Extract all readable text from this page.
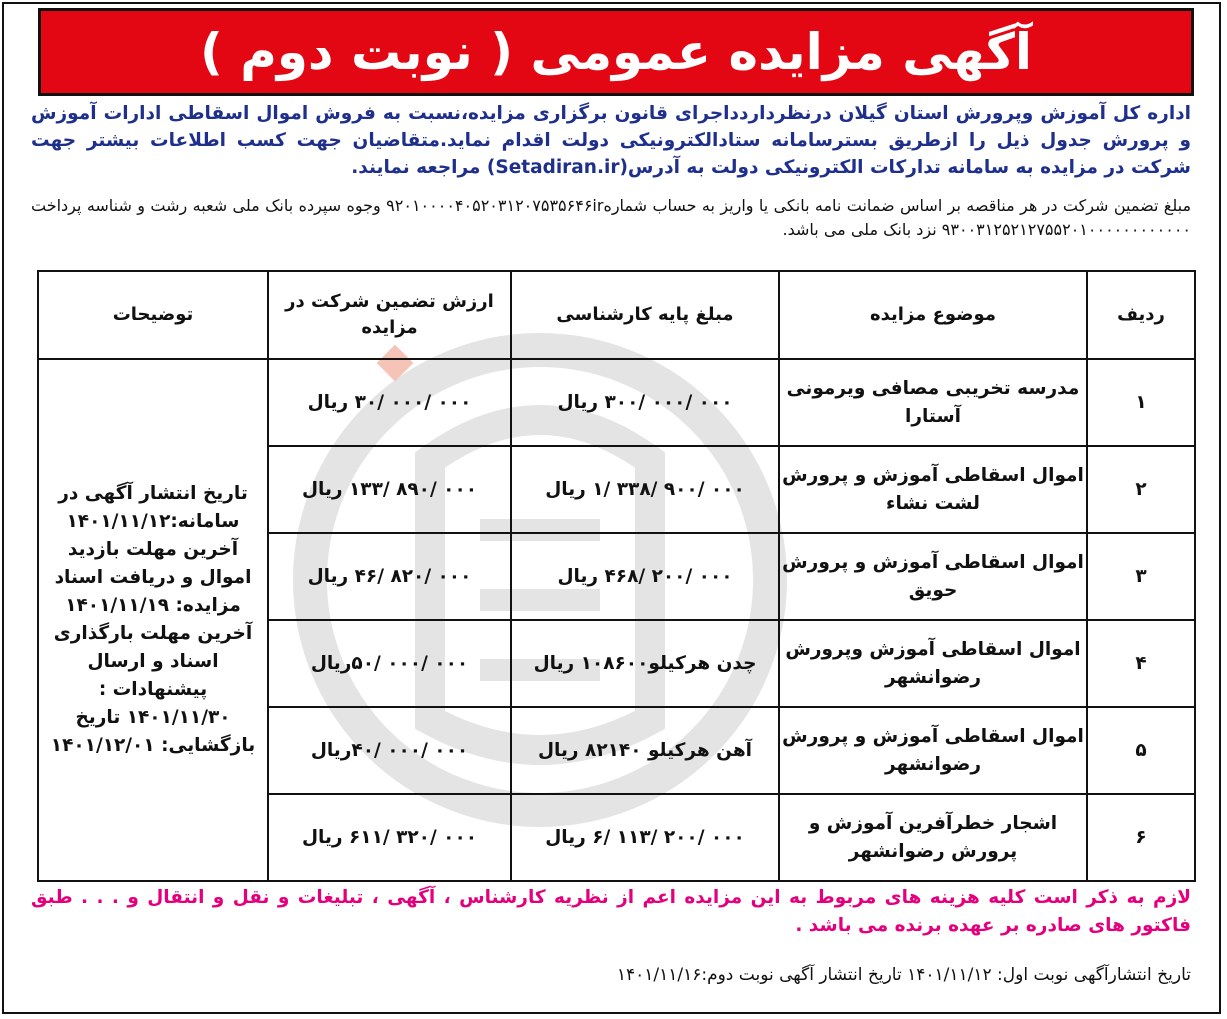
آگهی مزایده عمومی ( نوبت دوم )
اداره کل آموزش وپرورش استان گیلان درنظرداردداجرای قانون برگزاری مزایده،نسبت به فروش اموال اسقاطی ادارات آموزش و پرورش جدول ذیل را ازطریق بسترسامانه ستادالکترونیکی دولت اقدام نماید.متقاضیان جهت کسب اطلاعات بیشتر جهت شرکت در مزایده به سامانه تدارکات الکترونیکی دولت به آدرس(Setadiran.ir) مراجعه نمایند.
مبلغ تضمین شرکت در هر مناقصه بر اساس ضمانت نامه بانکی یا واریز به حساب شماره۹۲۰۱۰۰۰۰۴۰۵۲۰۳۱۲۰۷۵۳۵۶۴۶ir وجوه سپرده بانک ملی شعبه رشت و شناسه پرداخت ۹۳۰۰۳۱۲۵۲۱۲۷۵۵۲۰۱۰۰۰۰۰۰۰۰۰۰۰۰ نزد بانک ملی می باشد.
ردیف	موضوع مزایده	مبلغ پایه کارشناسی	ارزش تضمین شرکت در مزایده	توضیحات
۱	مدرسه تخریبی مصافی ویرمونی آستارا	۰۰۰ /۰۰۰ /۳۰۰ ریال	۰۰۰ /۰۰۰ /۳۰ ریال	تاریخ انتشار آگهی در سامانه:۱۴۰۱/۱۱/۱۲ آخرین مهلت بازدید اموال و دریافت اسناد مزایده: ۱۴۰۱/۱۱/۱۹ آخرین مهلت بارگذاری اسناد و ارسال پیشنهادات : ۱۴۰۱/۱۱/۳۰ تاریخ بازگشایی: ۱۴۰۱/۱۲/۰۱
۲	اموال اسقاطی آموزش و پرورش لشت نشاء	۰۰۰ /۹۰۰ /۳۳۸ /۱ ریال	۰۰۰ /۸۹۰ /۱۳۳ ریال	
۳	اموال اسقاطی آموزش و پرورش حویق	۰۰۰ /۲۰۰ /۴۶۸ ریال	۰۰۰ /۸۲۰ /۴۶ ریال	
۴	اموال اسقاطی آموزش وپرورش رضوانشهر	چدن هرکیلو۱۰۸۶۰۰ ریال	۰۰۰ /۰۰۰ /۵۰ریال	
۵	اموال اسقاطی آموزش و پرورش رضوانشهر	آهن هرکیلو ۸۲۱۴۰ ریال	۰۰۰ /۰۰۰ /۴۰ریال	
۶	اشجار خطرآفرین آموزش و پرورش رضوانشهر	۰۰۰ /۲۰۰ /۱۱۳ /۶ ریال	۰۰۰ /۳۲۰ /۶۱۱ ریال	
لازم به ذکر است کلیه هزینه های مربوط به این مزایده اعم از نظریه کارشناس ، آگهی ، تبلیغات و نقل و انتقال و . . . طبق فاکتور های صادره بر عهده برنده می باشد .
تاریخ انتشارآگهی نوبت اول: ۱۴۰۱/۱۱/۱۲ تاریخ انتشار آگهی نوبت دوم:۱۴۰۱/۱۱/۱۶
